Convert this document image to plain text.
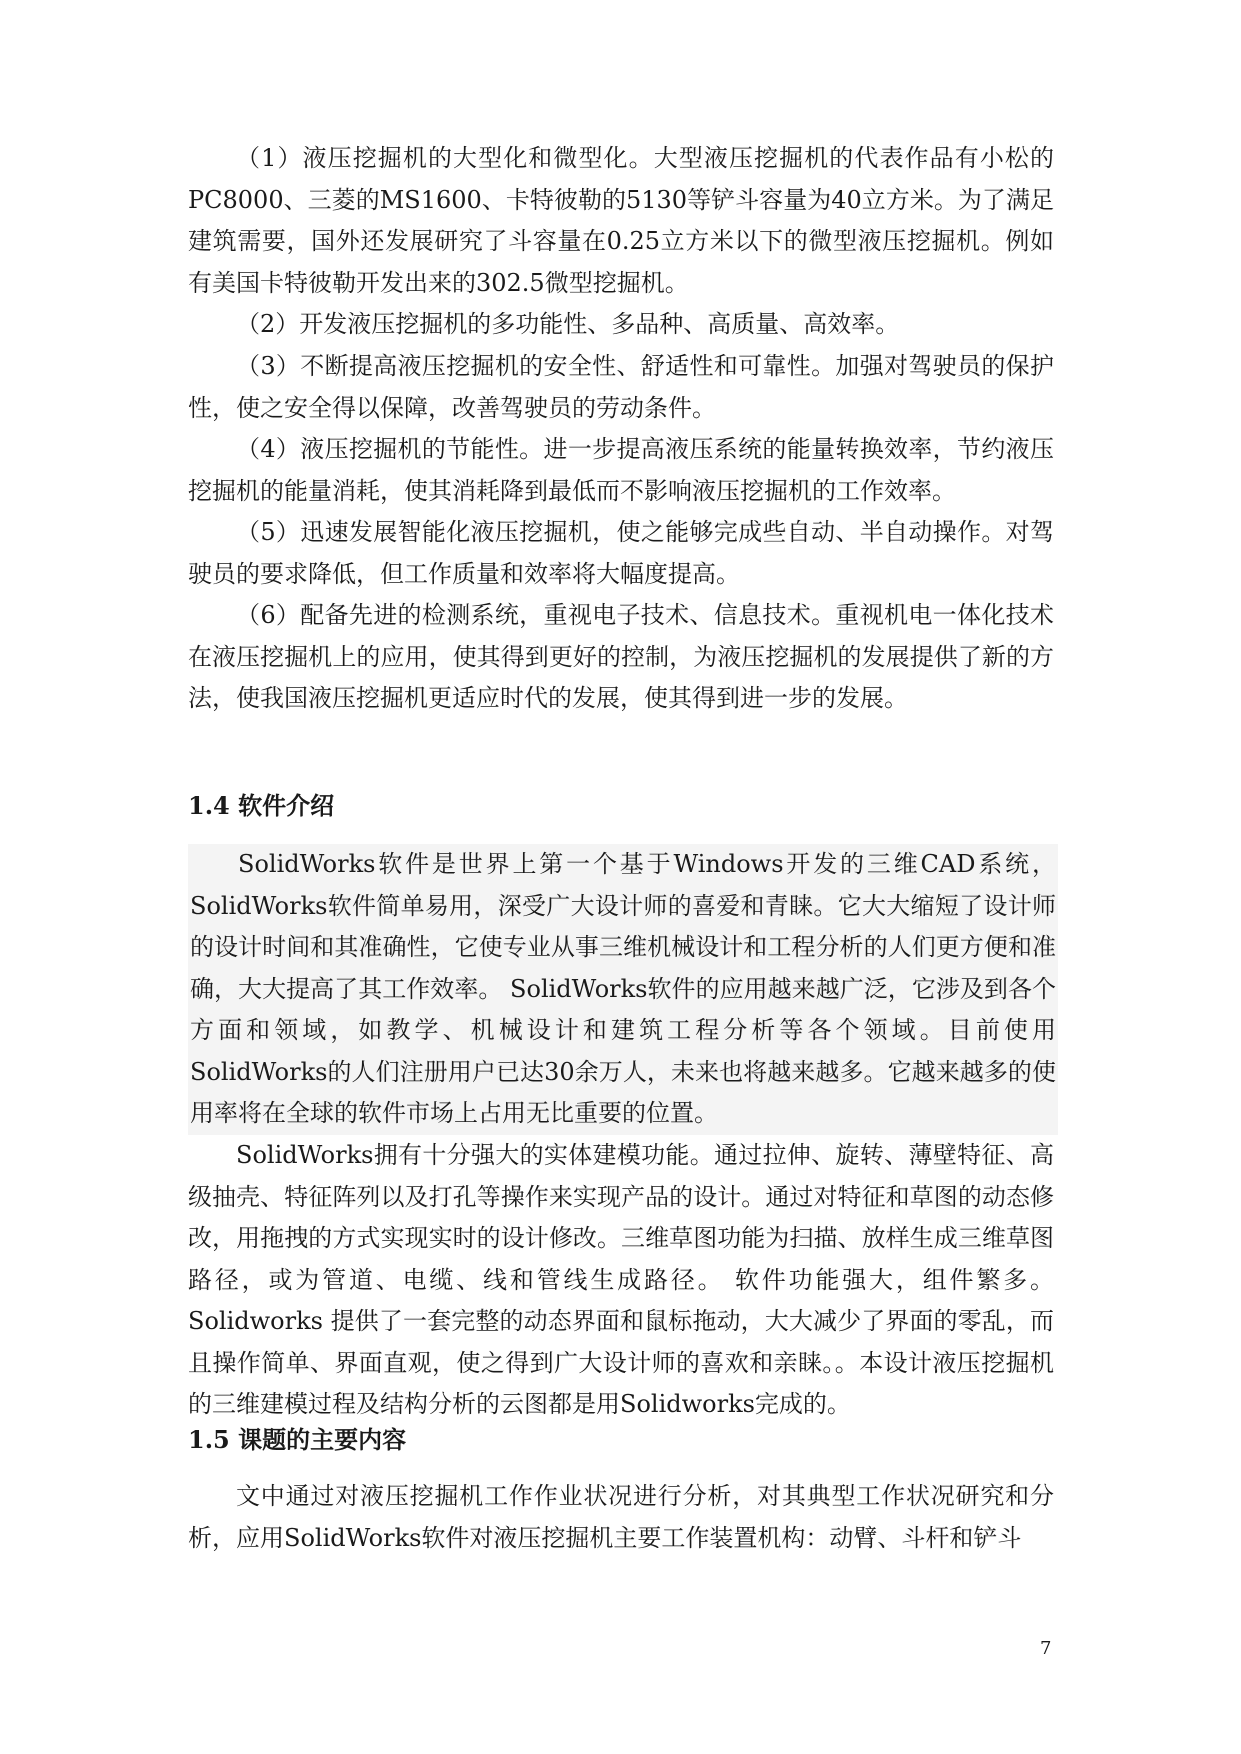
（1）液压挖掘机的大型化和微型化。大型液压挖掘机的代表作品有小松的PC8000、三菱的MS1600、卡特彼勒的5130等铲斗容量为40立方米。为了满足建筑需要，国外还发展研究了斗容量在0.25立方米以下的微型液压挖掘机。例如有美国卡特彼勒开发出来的302.5微型挖掘机。

（2）开发液压挖掘机的多功能性、多品种、高质量、高效率。

（3）不断提高液压挖掘机的安全性、舒适性和可靠性。加强对驾驶员的保护性，使之安全得以保障，改善驾驶员的劳动条件。

（4）液压挖掘机的节能性。进一步提高液压系统的能量转换效率，节约液压挖掘机的能量消耗，使其消耗降到最低而不影响液压挖掘机的工作效率。

（5）迅速发展智能化液压挖掘机，使之能够完成些自动、半自动操作。对驾驶员的要求降低，但工作质量和效率将大幅度提高。

（6）配备先进的检测系统，重视电子技术、信息技术。重视机电一体化技术在液压挖掘机上的应用，使其得到更好的控制，为液压挖掘机的发展提供了新的方法，使我国液压挖掘机更适应时代的发展，使其得到进一步的发展。

1.4 软件介绍

SolidWorks软件是世界上第一个基于Windows开发的三维CAD系统，SolidWorks软件简单易用，深受广大设计师的喜爱和青睐。它大大缩短了设计师的设计时间和其准确性，它使专业从事三维机械设计和工程分析的人们更方便和准确，大大提高了其工作效率。 SolidWorks软件的应用越来越广泛，它涉及到各个方面和领域，如教学、机械设计和建筑工程分析等各个领域。目前使用SolidWorks的人们注册用户已达30余万人，未来也将越来越多。它越来越多的使用率将在全球的软件市场上占用无比重要的位置。

SolidWorks拥有十分强大的实体建模功能。通过拉伸、旋转、薄壁特征、高级抽壳、特征阵列以及打孔等操作来实现产品的设计。通过对特征和草图的动态修改，用拖拽的方式实现实时的设计修改。三维草图功能为扫描、放样生成三维草图路径，或为管道、电缆、线和管线生成路径。 软件功能强大，组件繁多。Solidworks 提供了一套完整的动态界面和鼠标拖动，大大减少了界面的零乱，而且操作简单、界面直观，使之得到广大设计师的喜欢和亲睐。。本设计液压挖掘机的三维建模过程及结构分析的云图都是用Solidworks完成的。

1.5 课题的主要内容

文中通过对液压挖掘机工作作业状况进行分析，对其典型工作状况研究和分析，应用SolidWorks软件对液压挖掘机主要工作装置机构：动臂、斗杆和铲斗

7
